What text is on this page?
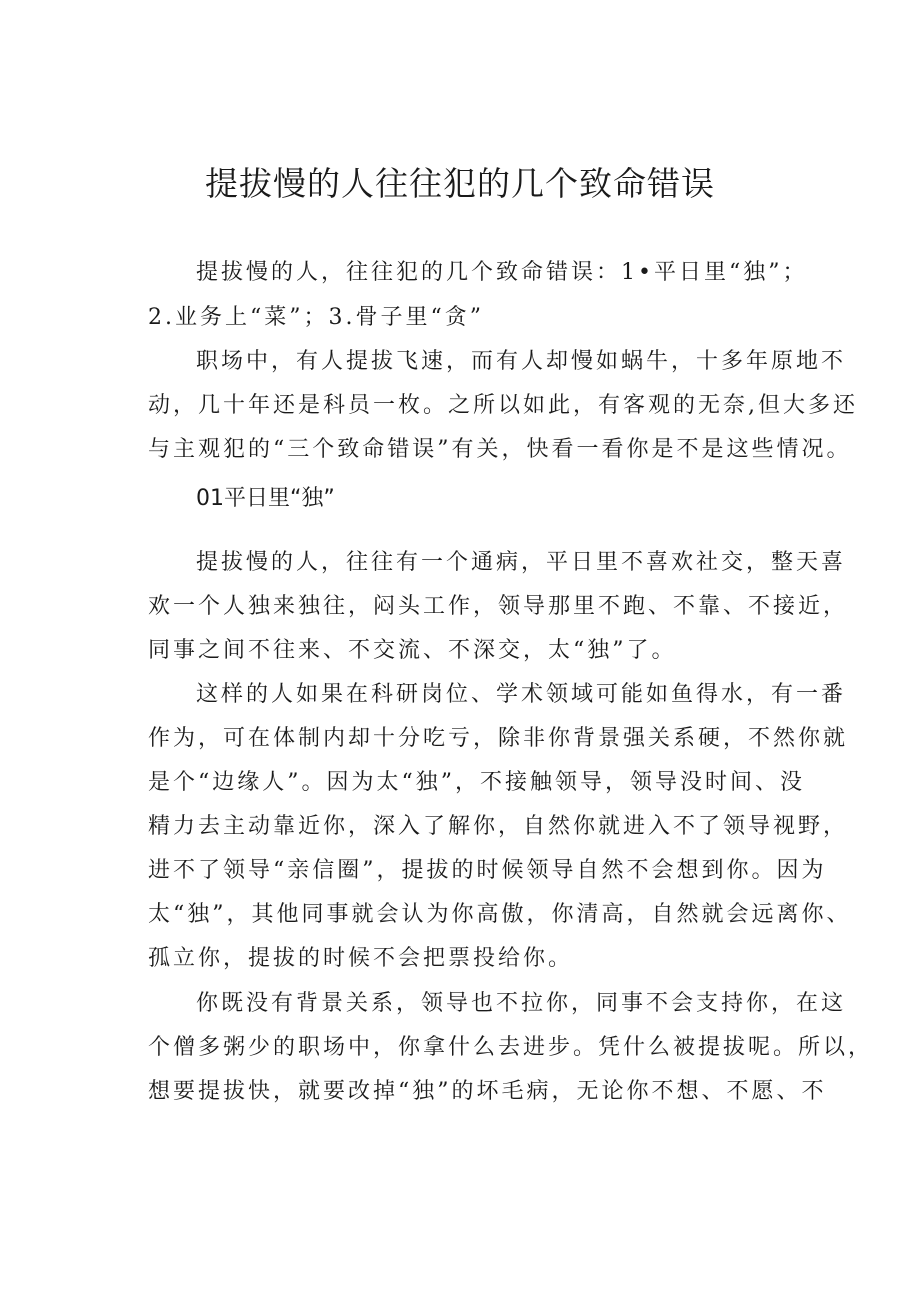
提拔慢的人往往犯的几个致命错误

提拔慢的人，往往犯的几个致命错误：1•平日里“独”；

2.业务上“菜”；3.骨子里“贪”

职场中，有人提拔飞速，而有人却慢如蜗牛，十多年原地不

动，几十年还是科员一枚。之所以如此，有客观的无奈,但大多还

与主观犯的“三个致命错误”有关，快看一看你是不是这些情况。

01平日里“独”

提拔慢的人，往往有一个通病，平日里不喜欢社交，整天喜

欢一个人独来独往，闷头工作，领导那里不跑、不靠、不接近，

同事之间不往来、不交流、不深交，太“独”了。

这样的人如果在科研岗位、学术领域可能如鱼得水，有一番

作为，可在体制内却十分吃亏，除非你背景强关系硬，不然你就

是个“边缘人”。因为太“独”，不接触领导，领导没时间、没

精力去主动靠近你，深入了解你，自然你就进入不了领导视野，

进不了领导“亲信圈”，提拔的时候领导自然不会想到你。因为

太“独”，其他同事就会认为你高傲，你清高，自然就会远离你、

孤立你，提拔的时候不会把票投给你。

你既没有背景关系，领导也不拉你，同事不会支持你，在这

个僧多粥少的职场中，你拿什么去进步。凭什么被提拔呢。所以，

想要提拔快，就要改掉“独”的坏毛病，无论你不想、不愿、不
